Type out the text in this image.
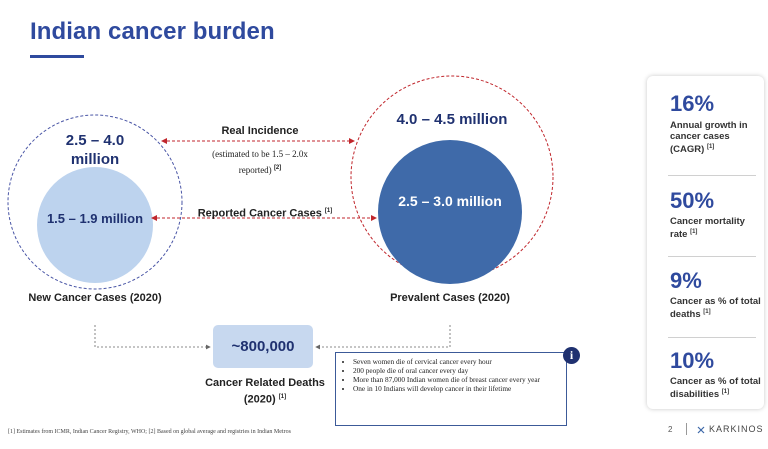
Indian cancer burden
2.5 – 4.0 million
1.5 – 1.9 million
New Cancer Cases (2020)
4.0 – 4.5 million
2.5 – 3.0 million
Prevalent Cases (2020)
Real Incidence
(estimated to be 1.5 – 2.0x reported) [2]
Reported Cancer Cases [1]
~800,000
Cancer Related Deaths (2020) [1]
• Seven women die of cervical cancer every hour
• 200 people die of oral cancer every day
• More than 87,000 Indian women die of breast cancer every year
• One in 10 Indians will develop cancer in their lifetime
i
16%
Annual growth in cancer cases (CAGR) [1]
50%
Cancer mortality rate [1]
9%
Cancer as % of total deaths [1]
10%
Cancer as % of total disabilities [1]
[1] Estimates from ICMR, Indian Cancer Registry, WHO; [2] Based on global average and registries in Indian Metros	2	KARKINOS
